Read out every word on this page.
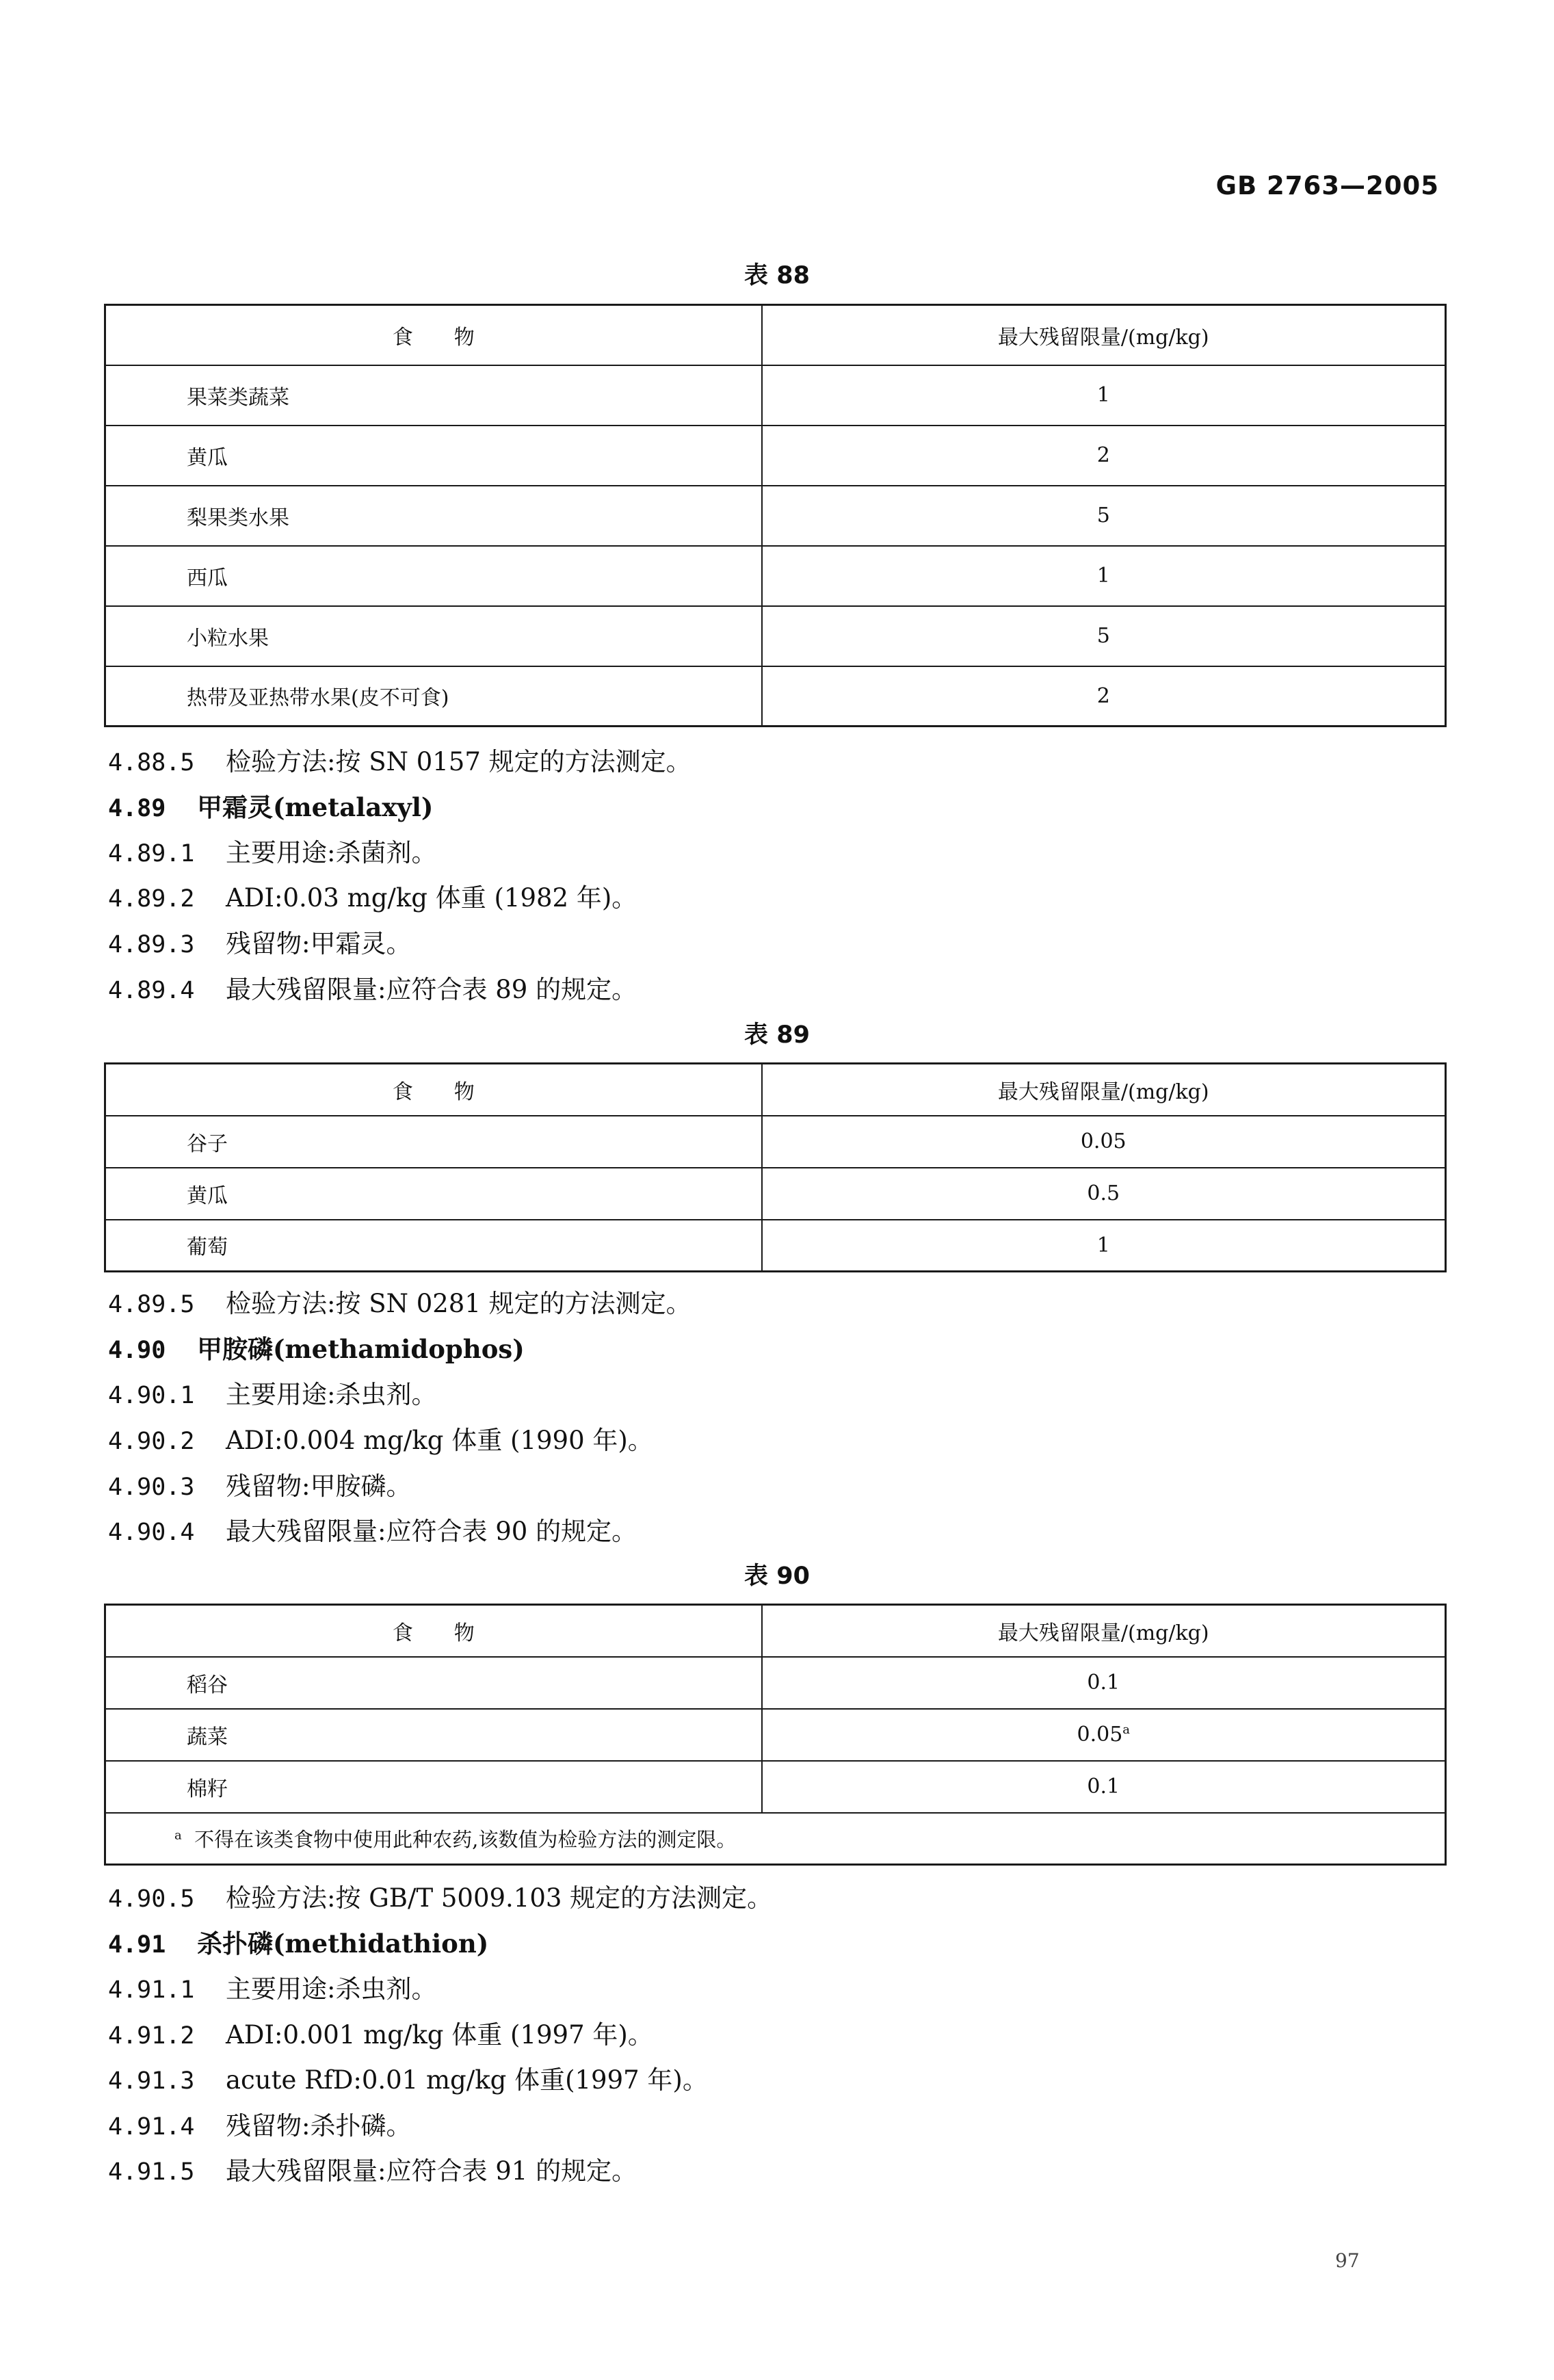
GB 2763—2005
表 88
食　　物	最大残留限量/(mg/kg)
果菜类蔬菜	1
黄瓜	2
梨果类水果	5
西瓜	1
小粒水果	5
热带及亚热带水果(皮不可食)	2
4.88.5 检验方法:按 SN 0157 规定的方法测定。
4.89 甲霜灵(metalaxyl)
4.89.1 主要用途:杀菌剂。
4.89.2 ADI:0.03 mg/kg 体重 (1982 年)。
4.89.3 残留物:甲霜灵。
4.89.4 最大残留限量:应符合表 89 的规定。
表 89
食　　物	最大残留限量/(mg/kg)
谷子	0.05
黄瓜	0.5
葡萄	1
4.89.5 检验方法:按 SN 0281 规定的方法测定。
4.90 甲胺磷(methamidophos)
4.90.1 主要用途:杀虫剂。
4.90.2 ADI:0.004 mg/kg 体重 (1990 年)。
4.90.3 残留物:甲胺磷。
4.90.4 最大残留限量:应符合表 90 的规定。
表 90
食　　物	最大残留限量/(mg/kg)
稻谷	0.1
蔬菜	0.05$^a$
棉籽	0.1
$^a$ 不得在该类食物中使用此种农药,该数值为检验方法的测定限。	
4.90.5 检验方法:按 GB/T 5009.103 规定的方法测定。
4.91 杀扑磷(methidathion)
4.91.1 主要用途:杀虫剂。
4.91.2 ADI:0.001 mg/kg 体重 (1997 年)。
4.91.3 acute RfD:0.01 mg/kg 体重(1997 年)。
4.91.4 残留物:杀扑磷。
4.91.5 最大残留限量:应符合表 91 的规定。
97
